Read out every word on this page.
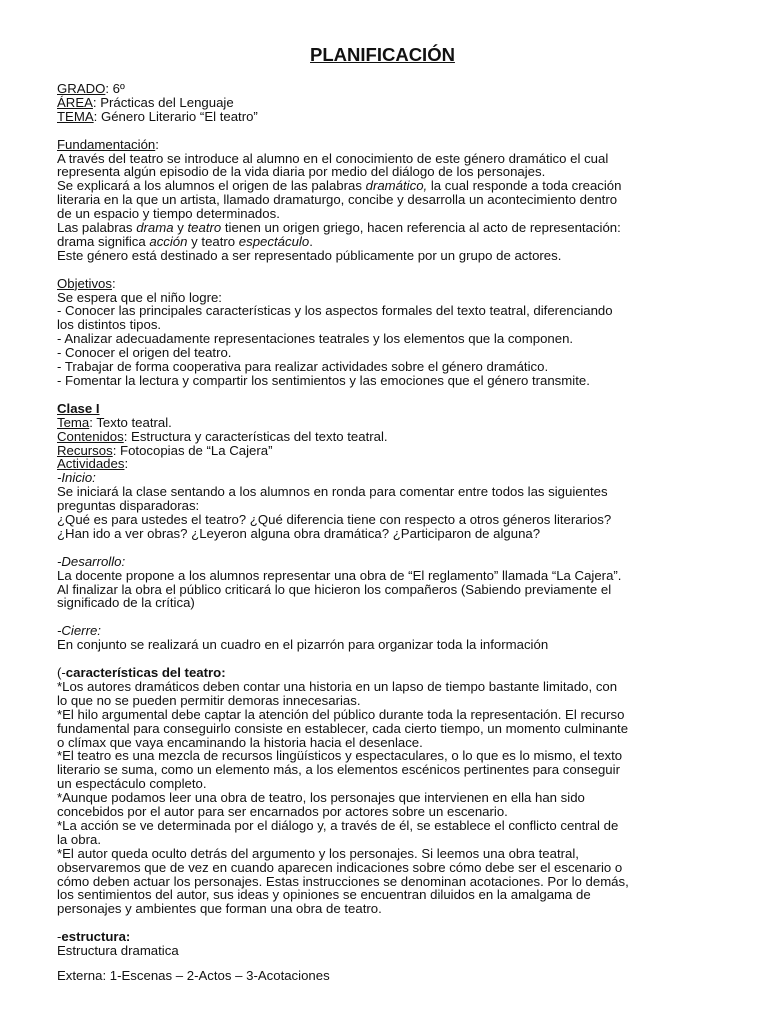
PLANIFICACIÓN
GRADO: 6º
ÁREA: Prácticas del Lenguaje
TEMA: Género Literario “El teatro”
Fundamentación:
A través del teatro se introduce al alumno en el conocimiento de este género dramático el cual
representa algún episodio de la vida diaria por medio del diálogo de los personajes.
Se explicará a los alumnos el origen de las palabras dramático, la cual responde a toda creación
literaria en la que un artista, llamado dramaturgo, concibe y desarrolla un acontecimiento dentro
de un espacio y tiempo determinados.
Las palabras drama y teatro tienen un origen griego, hacen referencia al acto de representación:
drama significa acción y teatro espectáculo.
Este género está destinado a ser representado públicamente por un grupo de actores.
Objetivos:
Se espera que el niño logre:
- Conocer las principales características y los aspectos formales del texto teatral, diferenciando
los distintos tipos.
- Analizar adecuadamente representaciones teatrales y los elementos que la componen.
- Conocer el origen del teatro.
- Trabajar de forma cooperativa para realizar actividades sobre el género dramático.
- Fomentar la lectura y compartir los sentimientos y las emociones que el género transmite.
Clase I
Tema: Texto teatral.
Contenidos: Estructura y características del texto teatral.
Recursos: Fotocopias de “La Cajera”
Actividades:
-Inicio:
Se iniciará la clase sentando a los alumnos en ronda para comentar entre todos las siguientes
preguntas disparadoras:
¿Qué es para ustedes el teatro? ¿Qué diferencia tiene con respecto a otros géneros literarios?
¿Han ido a ver obras? ¿Leyeron alguna obra dramática? ¿Participaron de alguna?
-Desarrollo:
La docente propone a los alumnos representar una obra de “El reglamento” llamada “La Cajera”.
Al finalizar la obra el público criticará lo que hicieron los compañeros (Sabiendo previamente el
significado de la crítica)
-Cierre:
En conjunto se realizará un cuadro en el pizarrón para organizar toda la información
(-características del teatro:
*Los autores dramáticos deben contar una historia en un lapso de tiempo bastante limitado, con
lo que no se pueden permitir demoras innecesarias.
*El hilo argumental debe captar la atención del público durante toda la representación. El recurso
fundamental para conseguirlo consiste en establecer, cada cierto tiempo, un momento culminante
o clímax que vaya encaminando la historia hacia el desenlace.
*El teatro es una mezcla de recursos lingüísticos y espectaculares, o lo que es lo mismo, el texto
literario se suma, como un elemento más, a los elementos escénicos pertinentes para conseguir
un espectáculo completo.
*Aunque podamos leer una obra de teatro, los personajes que intervienen en ella han sido
concebidos por el autor para ser encarnados por actores sobre un escenario.
*La acción se ve determinada por el diálogo y, a través de él, se establece el conflicto central de
la obra.
*El autor queda oculto detrás del argumento y los personajes. Si leemos una obra teatral,
observaremos que de vez en cuando aparecen indicaciones sobre cómo debe ser el escenario o
cómo deben actuar los personajes. Estas instrucciones se denominan acotaciones. Por lo demás,
los sentimientos del autor, sus ideas y opiniones se encuentran diluidos en la amalgama de
personajes y ambientes que forman una obra de teatro.
-estructura:
Estructura dramatica
Externa: 1-Escenas – 2-Actos – 3-Acotaciones
